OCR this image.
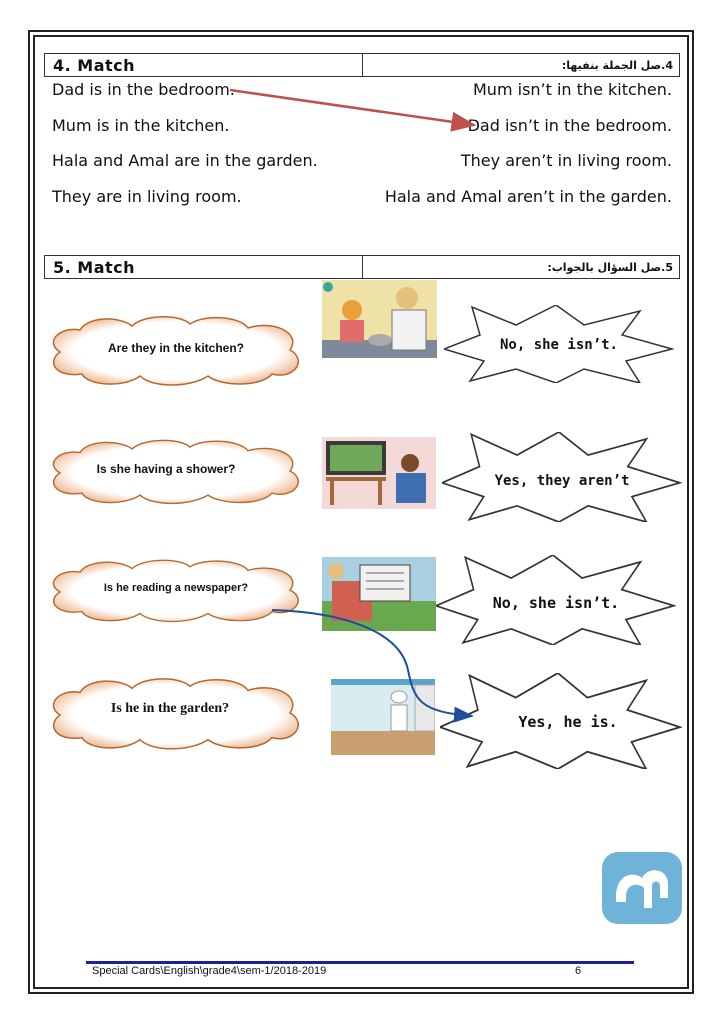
4. Match	4.صل الجملة بنفيها:
Dad is in the bedroom.
Mum is in the kitchen.
Hala and Amal are in the garden.
They are in living room.
Mum isn’t in the kitchen.
Dad isn’t in the bedroom.
They aren’t in living room.
Hala and Amal aren’t in the garden.
5. Match	5.صل السؤال بالجواب:
Are they in the kitchen?
Is she having a shower?
Is he reading a newspaper?
Is he in the garden?
No, she isn’t.
Yes, they aren’t
No, she isn’t.
Yes, he is.
Special Cards\English\grade4\sem-1/2018-2019	6
